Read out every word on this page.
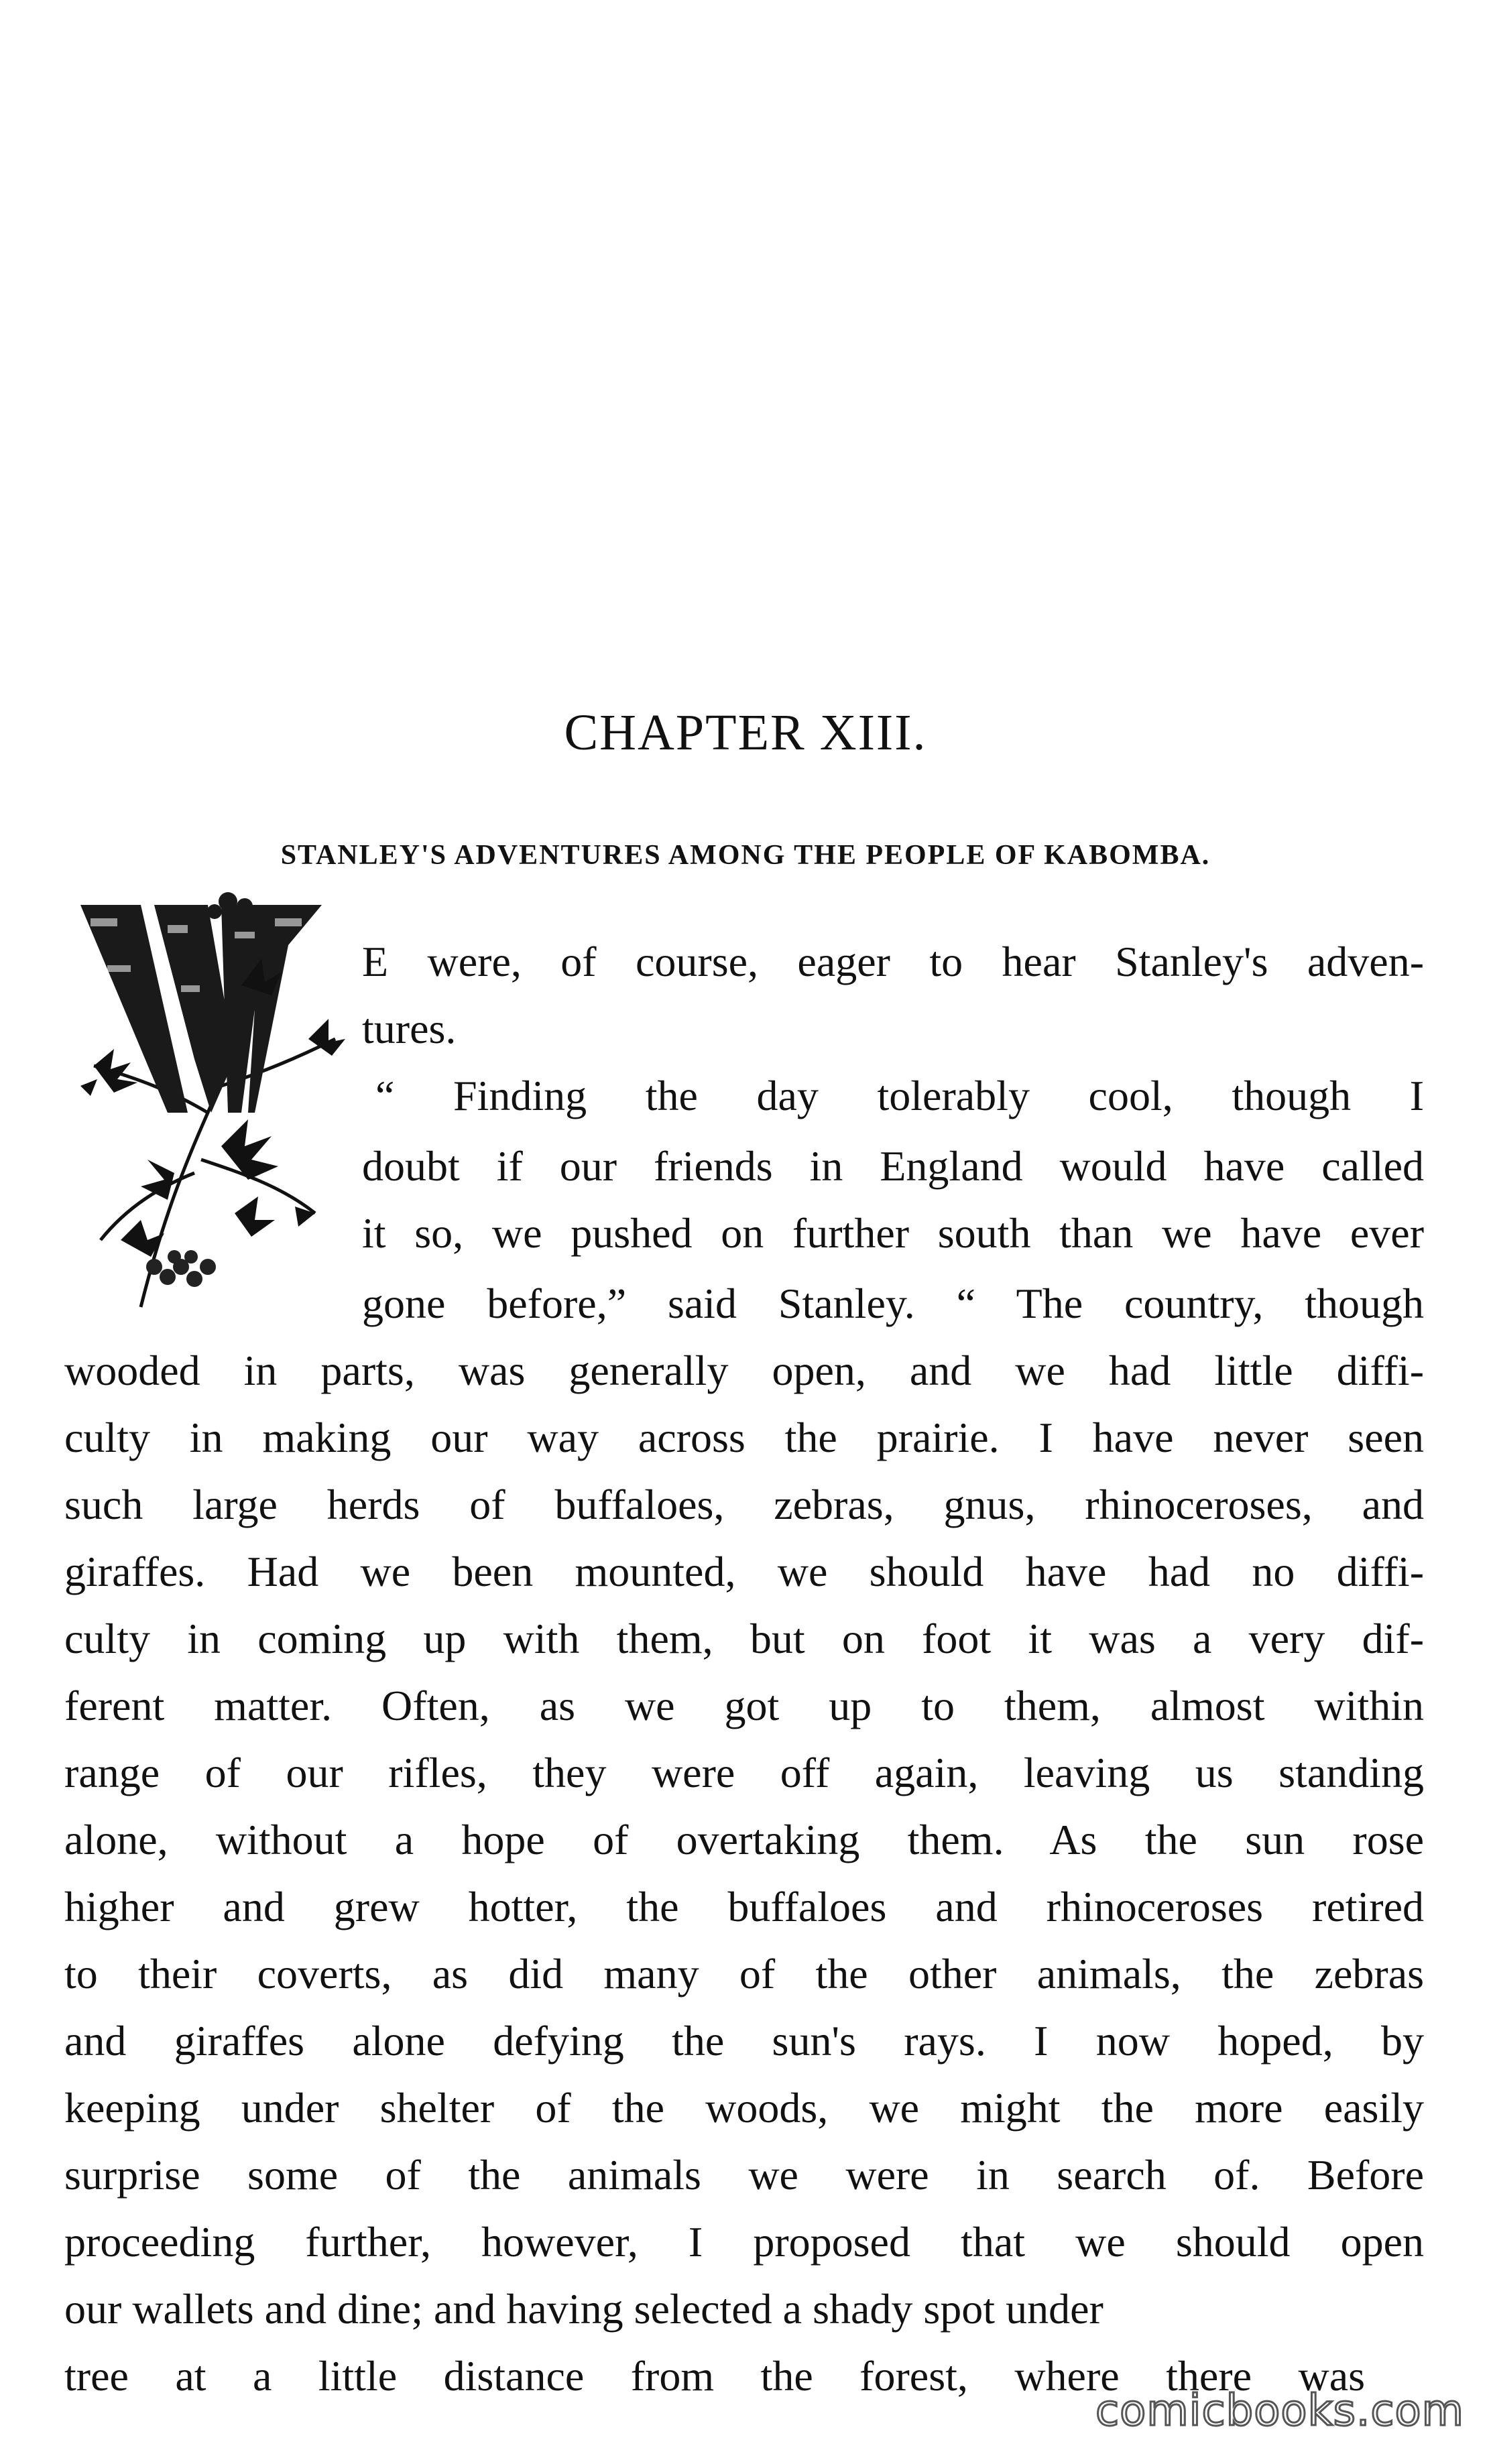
CHAPTER XIII.
STANLEY'S ADVENTURES AMONG THE PEOPLE OF KABOMBA.
E were, of course, eager to hear Stanley's adven-
tures.
“ Finding the day tolerably cool, though I
doubt if our friends in England would have called
it so, we pushed on further south than we have ever
gone before,” said Stanley. “ The country, though
wooded in parts, was generally open, and we had little diffi-
culty in making our way across the prairie. I have never seen
such large herds of buffaloes, zebras, gnus, rhinoceroses, and
giraffes. Had we been mounted, we should have had no diffi-
culty in coming up with them, but on foot it was a very dif-
ferent matter. Often, as we got up to them, almost within
range of our rifles, they were off again, leaving us standing
alone, without a hope of overtaking them. As the sun rose
higher and grew hotter, the buffaloes and rhinoceroses retired
to their coverts, as did many of the other animals, the zebras
and giraffes alone defying the sun's rays. I now hoped, by
keeping under shelter of the woods, we might the more easily
surprise some of the animals we were in search of. Before
proceeding further, however, I proposed that we should open
our wallets and dine; and having selected a shady spot under
tree at a little distance from the forest, where there was
comicbooks.com
